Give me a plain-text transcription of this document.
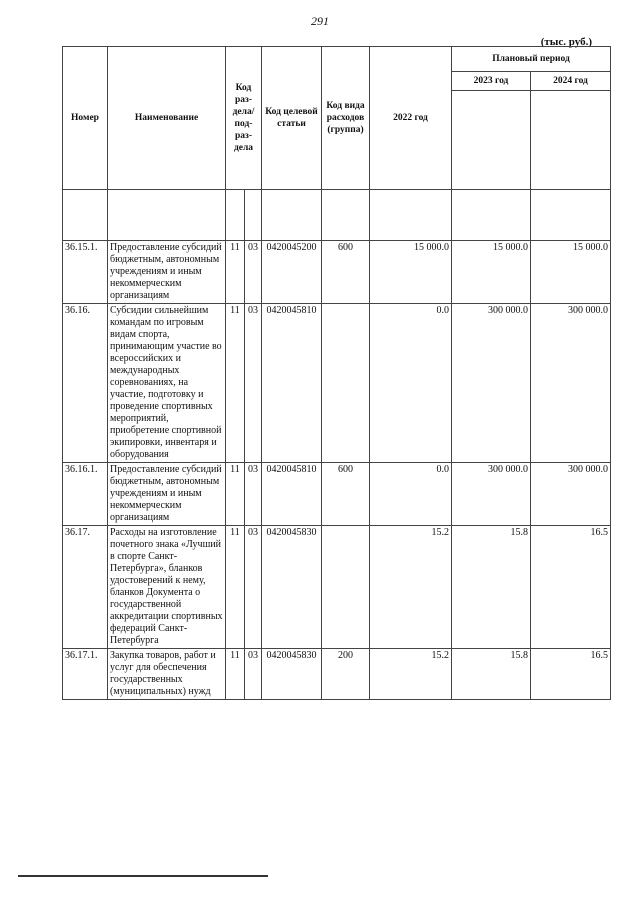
291
(тыс. руб.)
Номер	Наименование	Код раз-дела/ под-раз-дела		Код целевой статьи	Код вида расходов (группа)	2022 год	Плановый период	
							2023 год	2024 год

36.15.1.	Предоставление субсидий бюджетным, автономным учреждениям и иным некоммерческим организациям	11	03	0420045200	600	15 000.0	15 000.0	15 000.0
36.16.	Субсидии сильнейшим командам по игровым видам спорта, принимающим участие во всероссийских и международных соревнованиях, на участие, подготовку и проведение спортивных мероприятий, приобретение спортивной экипировки, инвентаря и оборудования	11	03	0420045810		0.0	300 000.0	300 000.0
36.16.1.	Предоставление субсидий бюджетным, автономным учреждениям и иным некоммерческим организациям	11	03	0420045810	600	0.0	300 000.0	300 000.0
36.17.	Расходы на изготовление почетного знака «Лучший в спорте Санкт-Петербурга», бланков удостоверений к нему, бланков Документа о государственной аккредитации спортивных федераций Санкт-Петербурга	11	03	0420045830		15.2	15.8	16.5
36.17.1.	Закупка товаров, работ и услуг для обеспечения государственных (муниципальных) нужд	11	03	0420045830	200	15.2	15.8	16.5
